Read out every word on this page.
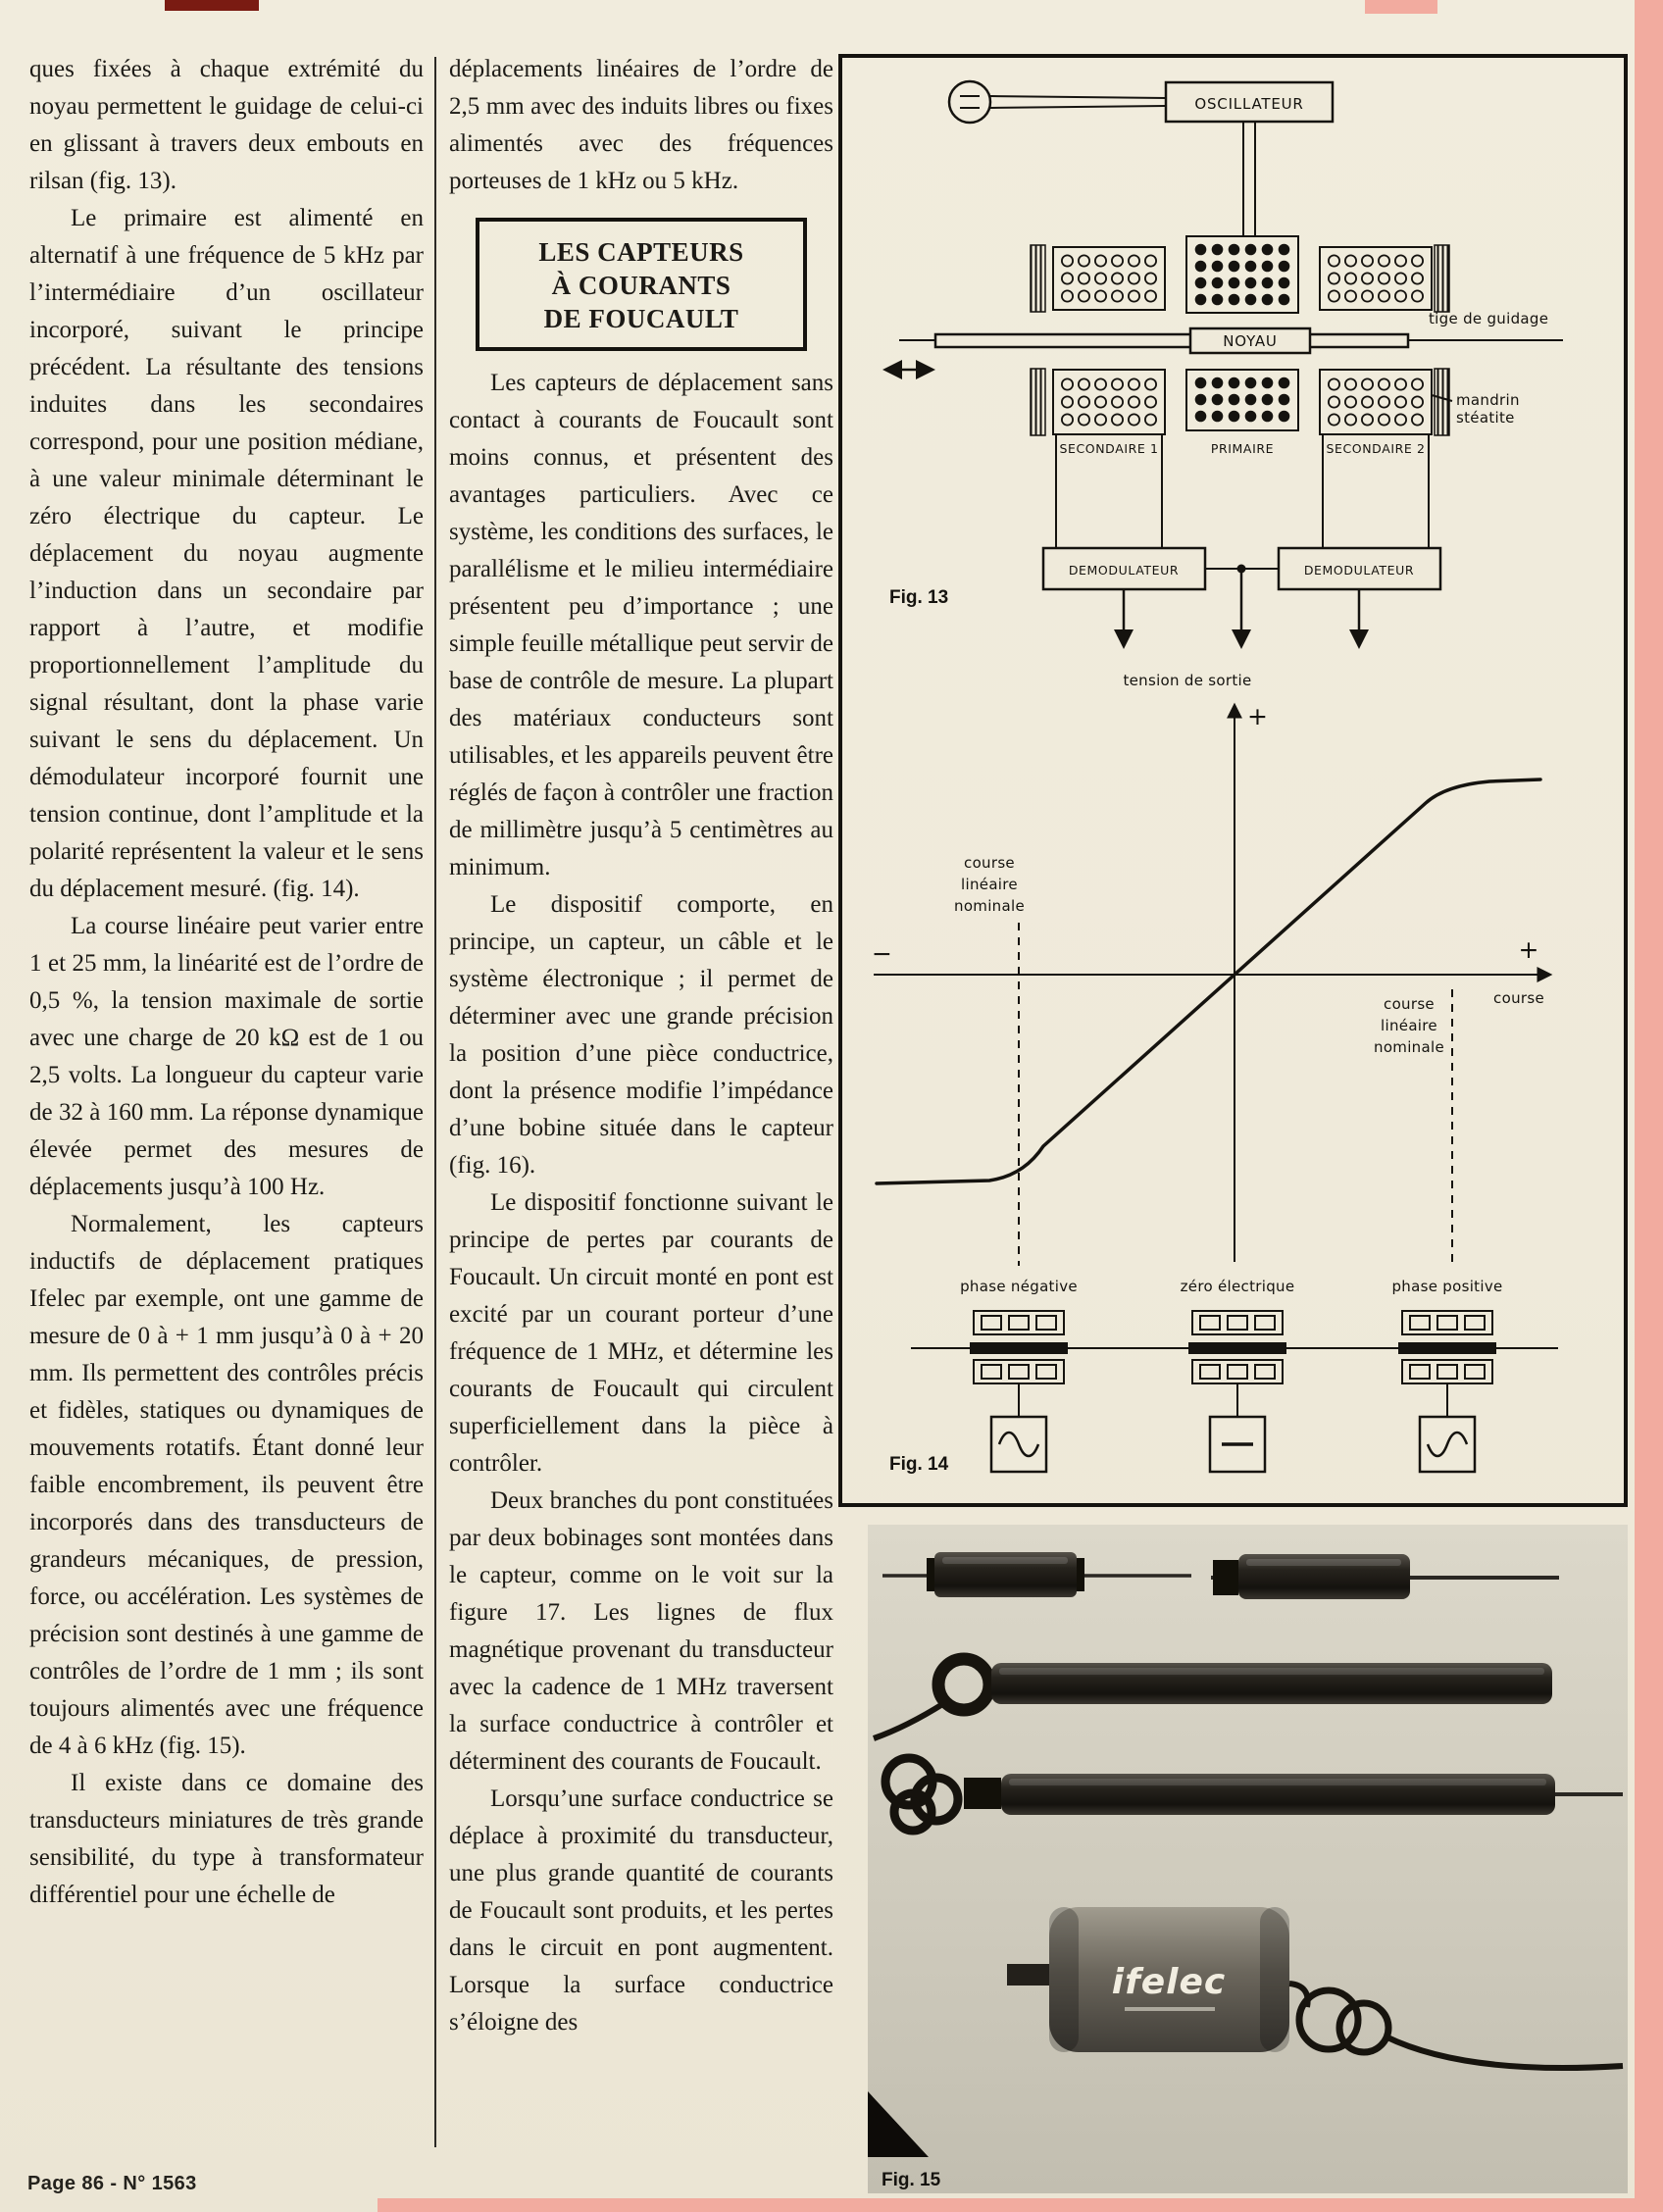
ques fixées à chaque extrémité du noyau permettent le guidage de celui-ci en glissant à travers deux embouts en rilsan (fig. 13).

Le primaire est alimenté en alternatif à une fréquence de 5 kHz par l’intermédiaire d’un oscillateur incorporé, suivant le principe précédent. La résultante des tensions induites dans les secondaires correspond, pour une position médiane, à une valeur minimale déterminant le zéro électrique du capteur. Le déplacement du noyau augmente l’induction dans un secondaire par rapport à l’autre, et modifie proportionnellement l’amplitude du signal résultant, dont la phase varie suivant le sens du déplacement. Un démodulateur incorporé fournit une tension continue, dont l’amplitude et la polarité représentent la valeur et le sens du déplacement mesuré. (fig. 14).

La course linéaire peut varier entre 1 et 25 mm, la linéarité est de l’ordre de 0,5 %, la tension maximale de sortie avec une charge de 20 kΩ est de 1 ou 2,5 volts. La longueur du capteur varie de 32 à 160 mm. La réponse dynamique élevée permet des mesures de déplacements jusqu’à 100 Hz.

Normalement, les capteurs inductifs de déplacement pratiques Ifelec par exemple, ont une gamme de mesure de 0 à + 1 mm jusqu’à 0 à + 20 mm. Ils permettent des contrôles précis et fidèles, statiques ou dynamiques de mouvements rotatifs. Étant donné leur faible encombrement, ils peuvent être incorporés dans des transducteurs de grandeurs mécaniques, de pression, force, ou accélération. Les systèmes de précision sont destinés à une gamme de contrôles de l’ordre de 1 mm ; ils sont toujours alimentés avec une fréquence de 4 à 6 kHz (fig. 15).

Il existe dans ce domaine des transducteurs miniatures de très grande sensibilité, du type à transformateur différentiel pour une échelle de

déplacements linéaires de l’ordre de 2,5 mm avec des induits libres ou fixes alimentés avec des fréquences porteuses de 1 kHz ou 5 kHz.

LES CAPTEURS
À COURANTS
DE FOUCAULT

Les capteurs de déplacement sans contact à courants de Foucault sont moins connus, et présentent des avantages particuliers. Avec ce système, les conditions des surfaces, le parallélisme et le milieu intermédiaire présentent peu d’importance ; une simple feuille métallique peut servir de base de contrôle de mesure. La plupart des matériaux conducteurs sont utilisables, et les appareils peuvent être réglés de façon à contrôler une fraction de millimètre jusqu’à 5 centimètres au minimum.

Le dispositif comporte, en principe, un capteur, un câble et le système électronique ; il permet de déterminer avec une grande précision la position d’une pièce conductrice, dont la présence modifie l’impédance d’une bobine située dans le capteur (fig. 16).

Le dispositif fonctionne suivant le principe de pertes par courants de Foucault. Un circuit monté en pont est excité par un courant porteur d’une fréquence de 1 MHz, et détermine les courants de Foucault qui circulent superficiellement dans la pièce à contrôler.

Deux branches du pont constituées par deux bobinages sont montées dans le capteur, comme on le voit sur la figure 17. Les lignes de flux magnétique provenant du transducteur avec la cadence de 1 MHz traversent la surface conductrice à contrôler et déterminent des courants de Foucault.

Lorsqu’une surface conductrice se déplace à proximité du transducteur, une plus grande quantité de courants de Foucault sont produits, et les pertes dans le circuit en pont augmentent. Lorsque la surface conductrice s’éloigne des

OSCILLATEUR
NOYAU
tige de guidage
mandrin
stéatite
SECONDAIRE 1	PRIMAIRE	SECONDAIRE 2
DEMODULATEUR	DEMODULATEUR
Fig. 13
tension de sortie
+
−	+
course
course
linéaire
nominale
course
linéaire
nominale
phase négative	zéro électrique	phase positive
Fig. 14
ifelec
Fig. 15
Page 86 - N° 1563
